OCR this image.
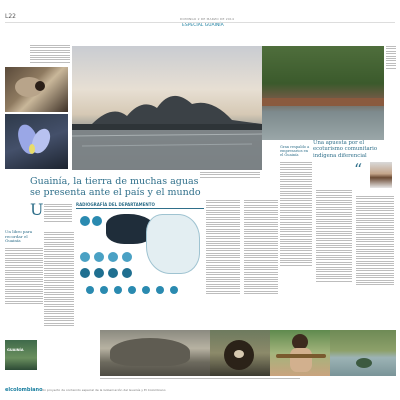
L22	DOMINGO 2 DE MARZO DE 2014
ESPECIAL GUAINÍA
Guainía, la tierra de muchas aguas
se presenta ante el país y el mundo
Una apuesta por el ecoturismo comunitario indígena diferencial
“
Un libro para recordar el Guainía
GUAINÍA
U	RADIOGRAFÍA DEL DEPARTAMENTO
Gran respaldo a empresarios en el Guainía
elcolombiano Un proyecto de contenido especial de la Gobernación del Guainía y El Colombiano
